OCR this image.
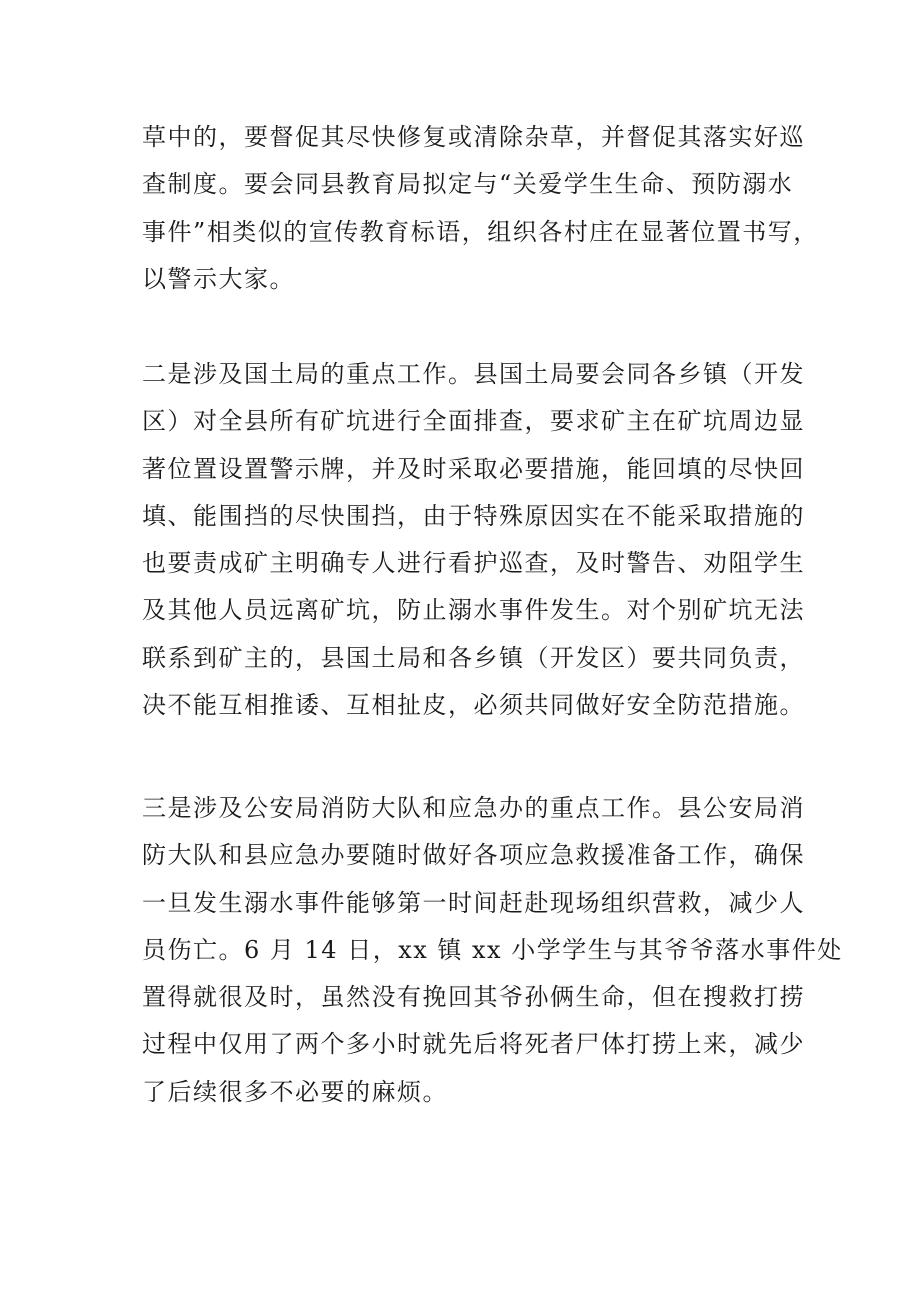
草中的，要督促其尽快修复或清除杂草，并督促其落实好巡
查制度。要会同县教育局拟定与“关爱学生生命、预防溺水
事件”相类似的宣传教育标语，组织各村庄在显著位置书写，
以警示大家。

二是涉及国土局的重点工作。县国土局要会同各乡镇（开发
区）对全县所有矿坑进行全面排查，要求矿主在矿坑周边显
著位置设置警示牌，并及时采取必要措施，能回填的尽快回
填、能围挡的尽快围挡，由于特殊原因实在不能采取措施的
也要责成矿主明确专人进行看护巡查，及时警告、劝阻学生
及其他人员远离矿坑，防止溺水事件发生。对个别矿坑无法
联系到矿主的，县国土局和各乡镇（开发区）要共同负责，
决不能互相推诿、互相扯皮，必须共同做好安全防范措施。

三是涉及公安局消防大队和应急办的重点工作。县公安局消
防大队和县应急办要随时做好各项应急救援准备工作，确保
一旦发生溺水事件能够第一时间赶赴现场组织营救，减少人
员伤亡。6 月 14 日，xx 镇 xx 小学学生与其爷爷落水事件处
置得就很及时，虽然没有挽回其爷孙俩生命，但在搜救打捞
过程中仅用了两个多小时就先后将死者尸体打捞上来，减少
了后续很多不必要的麻烦。
